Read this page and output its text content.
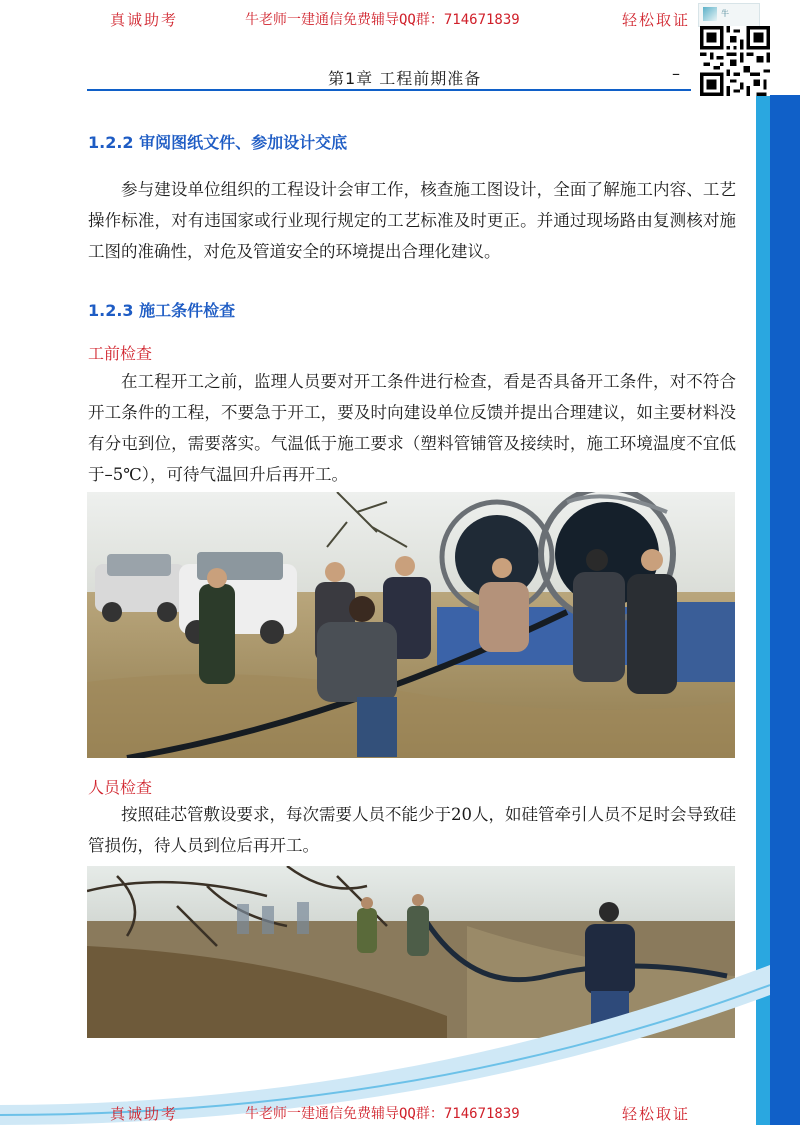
真诚助考	牛老师一建通信免费辅导QQ群：714671839	轻松取证	牛
第1章 工程前期准备	–
1.2.2 审阅图纸文件、参加设计交底

参与建设单位组织的工程设计会审工作，核查施工图设计，全面了解施工内容、工艺操作标准，对有违国家或行业现行规定的工艺标准及时更正。并通过现场路由复测核对施工图的准确性，对危及管道安全的环境提出合理化建议。

1.2.3 施工条件检查
工前检查

在工程开工之前，监理人员要对开工条件进行检查，看是否具备开工条件，对不符合开工条件的工程，不要急于开工，要及时向建设单位反馈并提出合理建议，如主要材料没有分屯到位，需要落实。气温低于施工要求（塑料管铺管及接续时，施工环境温度不宜低于–5℃），可待气温回升后再开工。

人员检查

按照硅芯管敷设要求，每次需要人员不能少于20人，如硅管牵引人员不足时会导致硅管损伤，待人员到位后再开工。

真诚助考	牛老师一建通信免费辅导QQ群：714671839	轻松取证
